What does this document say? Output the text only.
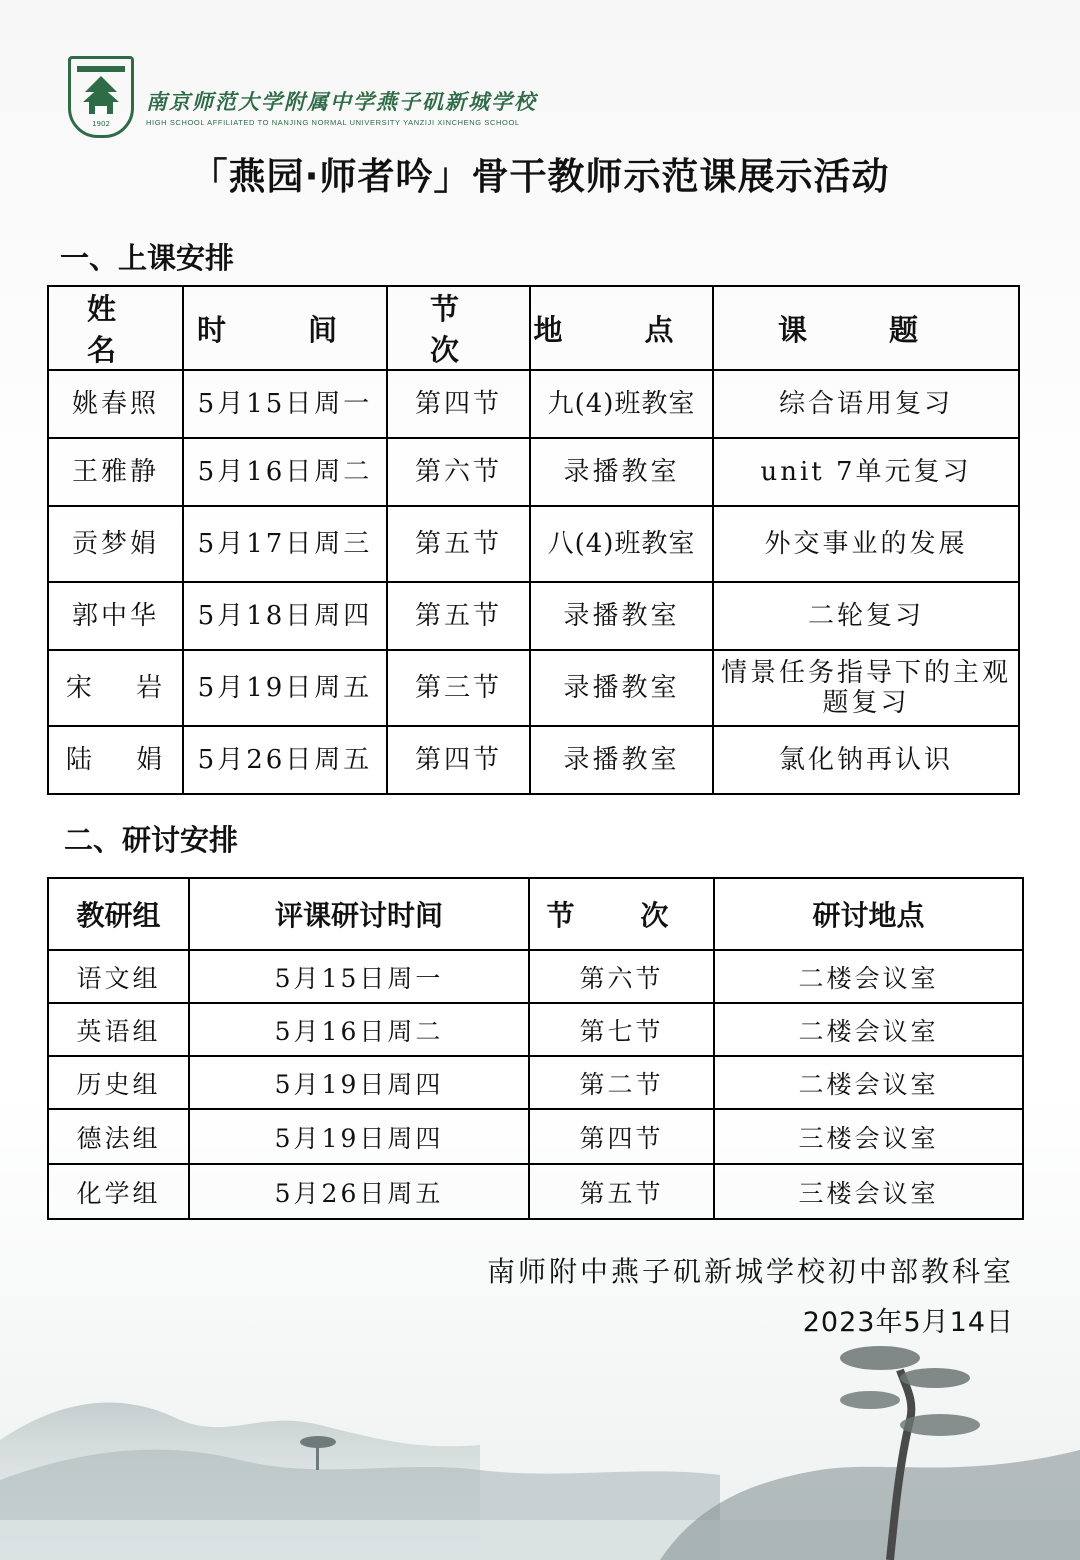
1902
南京师范大学附属中学燕子矶新城学校
HIGH SCHOOL AFFILIATED TO NANJING NORMAL UNIVERSITY YANZIJI XINCHENG SCHOOL
「燕园·师者吟」骨干教师示范课展示活动
一、上课安排
姓 名	时 间	节 次	地 点	课 题
姚春照	5月15日周一	第四节	九(4)班教室	综合语用复习
王雅静	5月16日周二	第六节	录播教室	unit 7单元复习
贡梦娟	5月17日周三	第五节	八(4)班教室	外交事业的发展
郭中华	5月18日周四	第五节	录播教室	二轮复习
宋 岩	5月19日周五	第三节	录播教室	情景任务指导下的主观题复习
陆 娟	5月26日周五	第四节	录播教室	氯化钠再认识
二、研讨安排
教研组	评课研讨时间	节 次	研讨地点
语文组	5月15日周一	第六节	二楼会议室
英语组	5月16日周二	第七节	二楼会议室
历史组	5月19日周四	第二节	二楼会议室
德法组	5月19日周四	第四节	三楼会议室
化学组	5月26日周五	第五节	三楼会议室
南师附中燕子矶新城学校初中部教科室
2023年5月14日
